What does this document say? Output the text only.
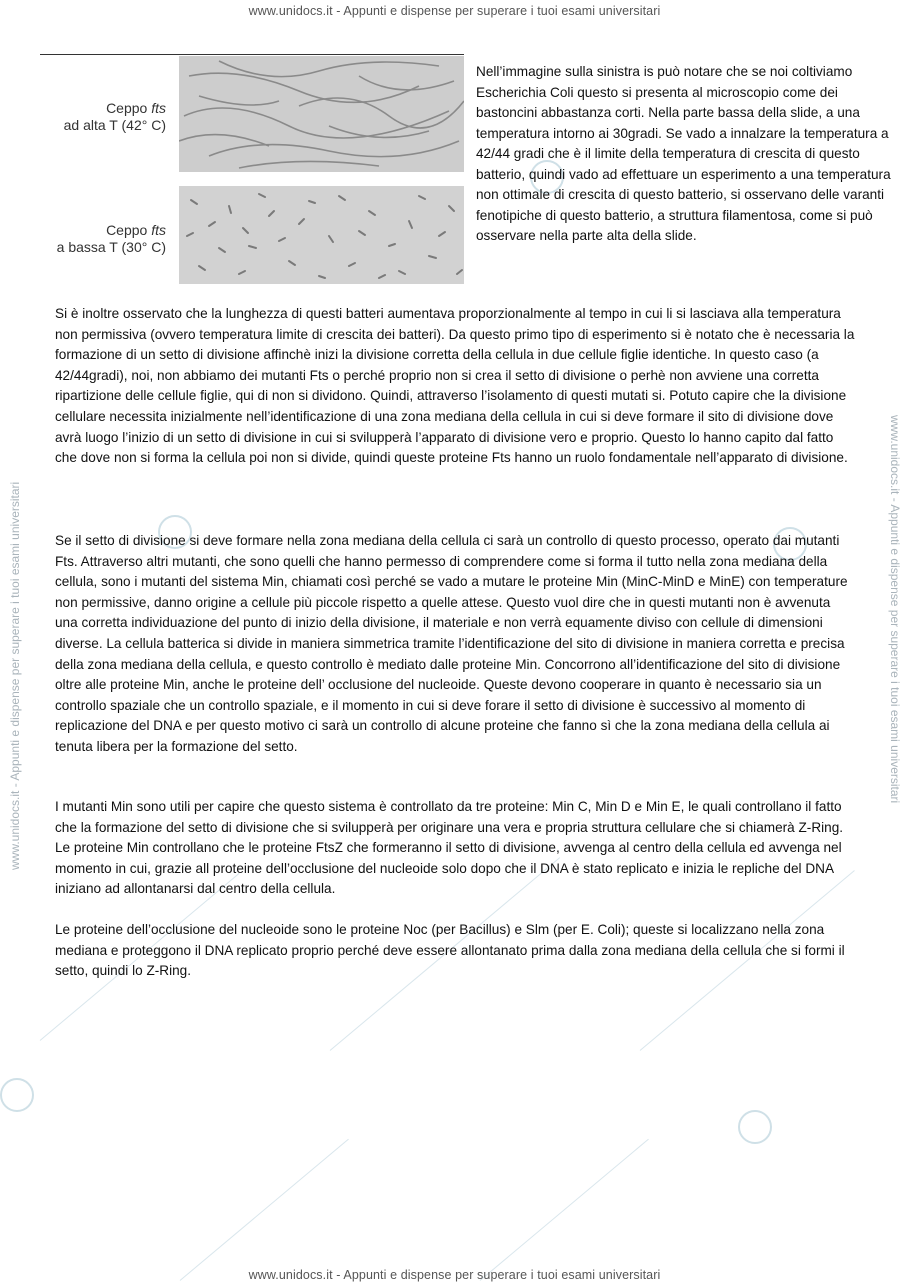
www.unidocs.it - Appunti e dispense per superare i tuoi esami universitari
www.unidocs.it - Appunti e dispense per superare i tuoi esami universitari
www.unidocs.it - Appunti e dispense per superare i tuoi esami universitari	www.unidocs.it - Appunti e dispense per superare i tuoi esami universitari
Ceppo fts
ad alta T (42° C)
Ceppo fts
a bassa T (30° C)
Nell’immagine sulla sinistra is può notare che se noi coltiviamo Escherichia Coli questo si presenta al microscopio come dei bastoncini abbastanza corti. Nella parte bassa della slide, a una temperatura intorno ai 30gradi. Se vado a innalzare la temperatura a 42/44 gradi che è il limite della temperatura di crescita di questo batterio, quindi vado ad effettuare un esperimento a una temperatura non ottimale di crescita di questo batterio, si osservano delle varanti fenotipiche di questo batterio, a struttura filamentosa, come si può osservare nella parte alta della slide.
Si è inoltre osservato che la lunghezza di questi batteri aumentava proporzionalmente al tempo in cui li si lasciava alla temperatura non permissiva (ovvero temperatura limite di crescita dei batteri). Da questo primo tipo di esperimento si è notato che è necessaria la formazione di un setto di divisione affinchè inizi la divisione corretta della cellula in due cellule figlie identiche. In questo caso (a 42/44gradi), noi, non abbiamo dei mutanti Fts o perché proprio non si crea il setto di divisione o perhè non avviene una corretta ripartizione delle cellule figlie, qui di non si dividono. Quindi, attraverso l’isolamento di questi mutati si. Potuto capire che la divisione cellulare necessita inizialmente nell’identificazione di una zona mediana della cellula in cui si deve formare il sito di divisione dove avrà luogo l’inizio di un setto di divisione in cui si svilupperà l’apparato di divisione vero e proprio. Questo lo hanno capito dal fatto che dove non si forma la cellula poi non si divide, quindi queste proteine Fts hanno un ruolo fondamentale nell’apparato di divisione.
Se il setto di divisione si deve formare nella zona mediana della cellula ci sarà un controllo di questo processo, operato dai mutanti Fts. Attraverso altri mutanti, che sono quelli che hanno permesso di comprendere come si forma il tutto nella zona mediana della cellula, sono i mutanti del sistema Min, chiamati così perché se vado a mutare le proteine Min (MinC-MinD e MinE) con temperature non permissive, danno origine a cellule più piccole rispetto a quelle attese. Questo vuol dire che in questi mutanti non è avvenuta una corretta individuazione del punto di inizio della divisione, il materiale e non verrà equamente diviso con cellule di dimensioni diverse. La cellula batterica si divide in maniera simmetrica tramite l’identificazione del sito di divisione in maniera corretta e precisa della zona mediana della cellula, e questo controllo è mediato dalle proteine Min. Concorrono all’identificazione del sito di divisione oltre alle proteine Min, anche le proteine dell’ occlusione del nucleoide. Queste devono cooperare in quanto è necessario sia un controllo spaziale che un controllo spaziale, e il momento in cui si deve forare il setto di divisione è successivo al momento di replicazione del DNA e per questo motivo ci sarà un controllo di alcune proteine che fanno sì che la zona mediana della cellula ai tenuta libera per la formazione del setto.
I mutanti Min sono utili per capire che questo sistema è controllato da tre proteine: Min C, Min D e Min E, le quali controllano il fatto che la formazione del setto di divisione che si svilupperà per originare una vera e propria struttura cellulare che si chiamerà Z-Ring. Le proteine Min controllano che le proteine FtsZ che formeranno il setto di divisione, avvenga al centro della cellula ed avvenga nel momento in cui, grazie all proteine dell’occlusione del nucleoide solo dopo che il DNA è stato replicato e inizia le repliche del DNA iniziano ad allontanarsi dal centro della cellula.
Le proteine dell’occlusione del nucleoide sono le proteine Noc (per Bacillus) e Slm (per E. Coli); queste si localizzano nella zona mediana e proteggono il DNA replicato proprio perché deve essere allontanato prima dalla zona mediana della cellula che si formi il setto, quindi lo Z-Ring.
